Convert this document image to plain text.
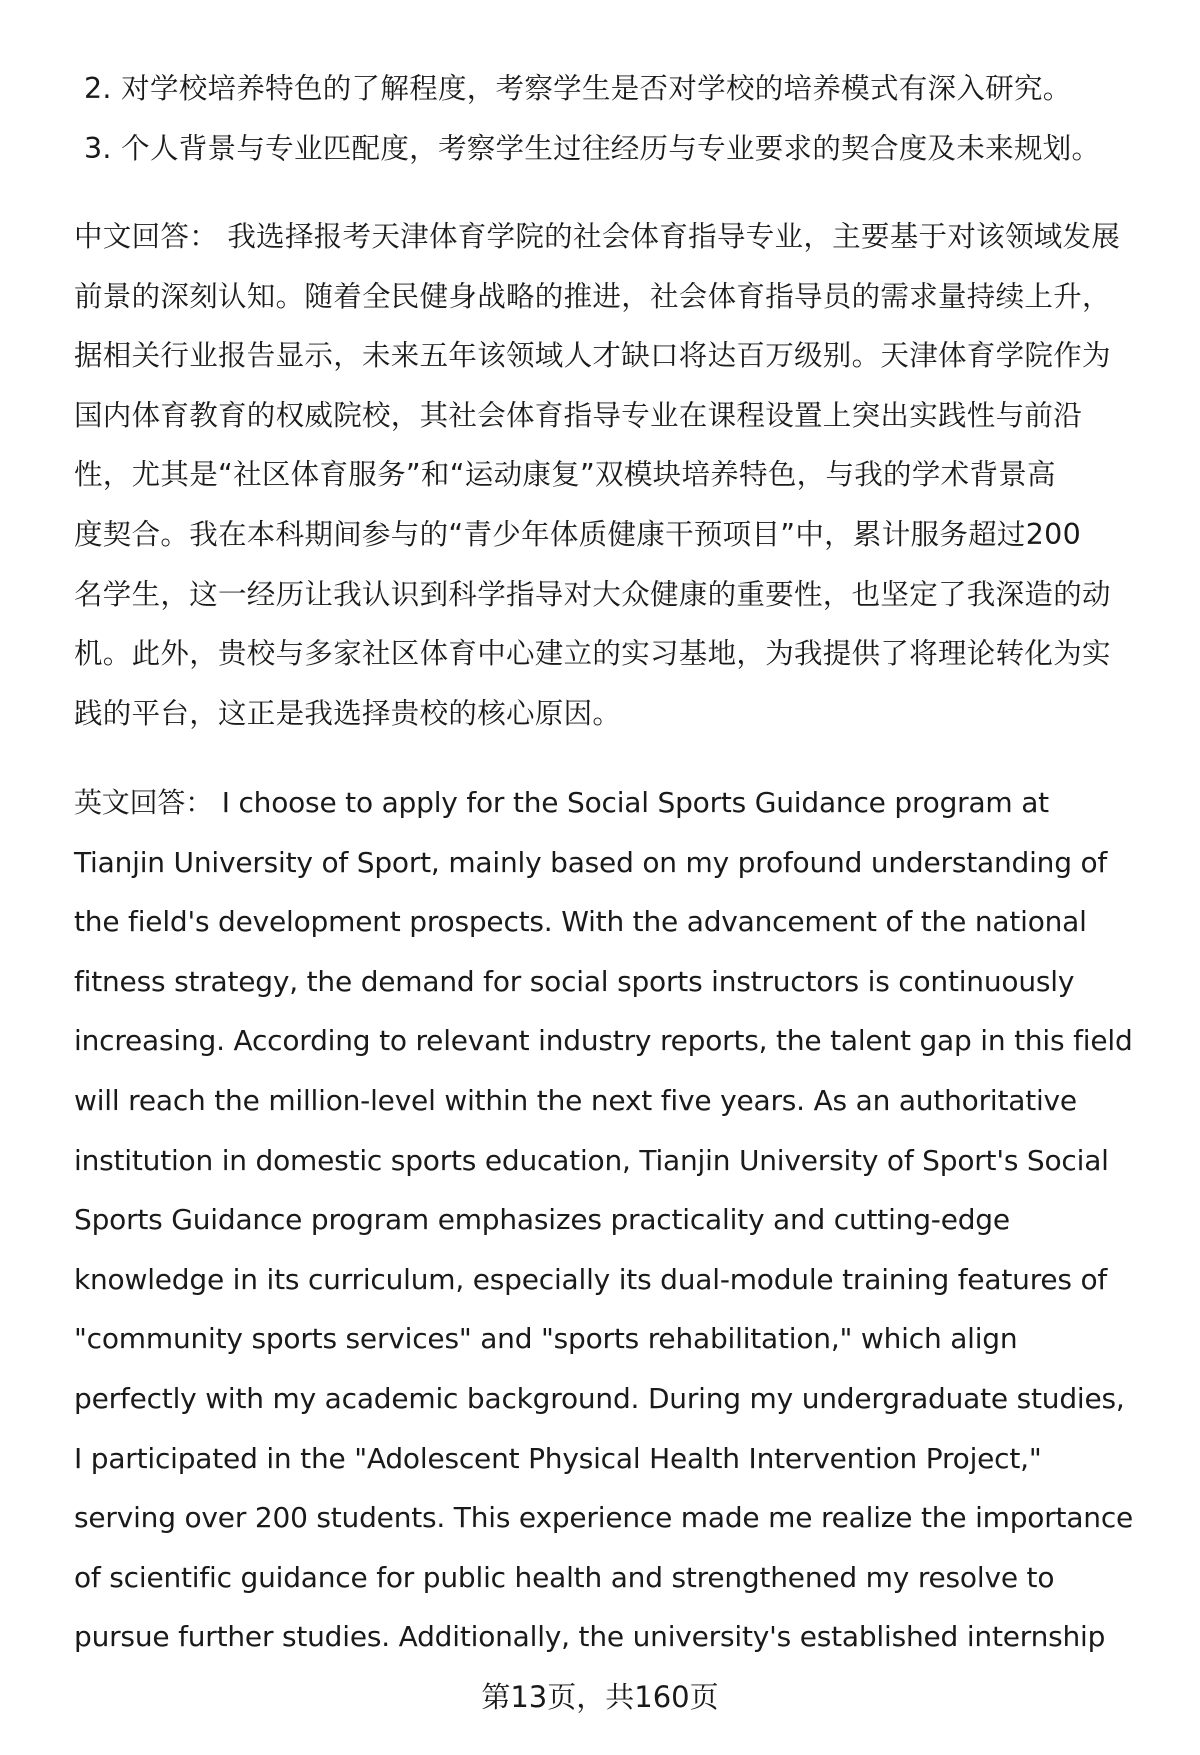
2. 对学校培养特色的了解程度，考察学生是否对学校的培养模式有深入研究。
3. 个人背景与专业匹配度，考察学生过往经历与专业要求的契合度及未来规划。
中文回答： 我选择报考天津体育学院的社会体育指导专业，主要基于对该领域发展
前景的深刻认知。随着全民健身战略的推进，社会体育指导员的需求量持续上升，
据相关行业报告显示，未来五年该领域人才缺口将达百万级别。天津体育学院作为
国内体育教育的权威院校，其社会体育指导专业在课程设置上突出实践性与前沿
性，尤其是“社区体育服务”和“运动康复”双模块培养特色，与我的学术背景高
度契合。我在本科期间参与的“青少年体质健康干预项目”中，累计服务超过200
名学生，这一经历让我认识到科学指导对大众健康的重要性，也坚定了我深造的动
机。此外，贵校与多家社区体育中心建立的实习基地，为我提供了将理论转化为实
践的平台，这正是我选择贵校的核心原因。
英文回答： I choose to apply for the Social Sports Guidance program at
Tianjin University of Sport, mainly based on my profound understanding of
the field's development prospects. With the advancement of the national
fitness strategy, the demand for social sports instructors is continuously
increasing. According to relevant industry reports, the talent gap in this field
will reach the million-level within the next five years. As an authoritative
institution in domestic sports education, Tianjin University of Sport's Social
Sports Guidance program emphasizes practicality and cutting-edge
knowledge in its curriculum, especially its dual-module training features of
"community sports services" and "sports rehabilitation," which align
perfectly with my academic background. During my undergraduate studies,
I participated in the "Adolescent Physical Health Intervention Project,"
serving over 200 students. This experience made me realize the importance
of scientific guidance for public health and strengthened my resolve to
pursue further studies. Additionally, the university's established internship
第13页，共160页
